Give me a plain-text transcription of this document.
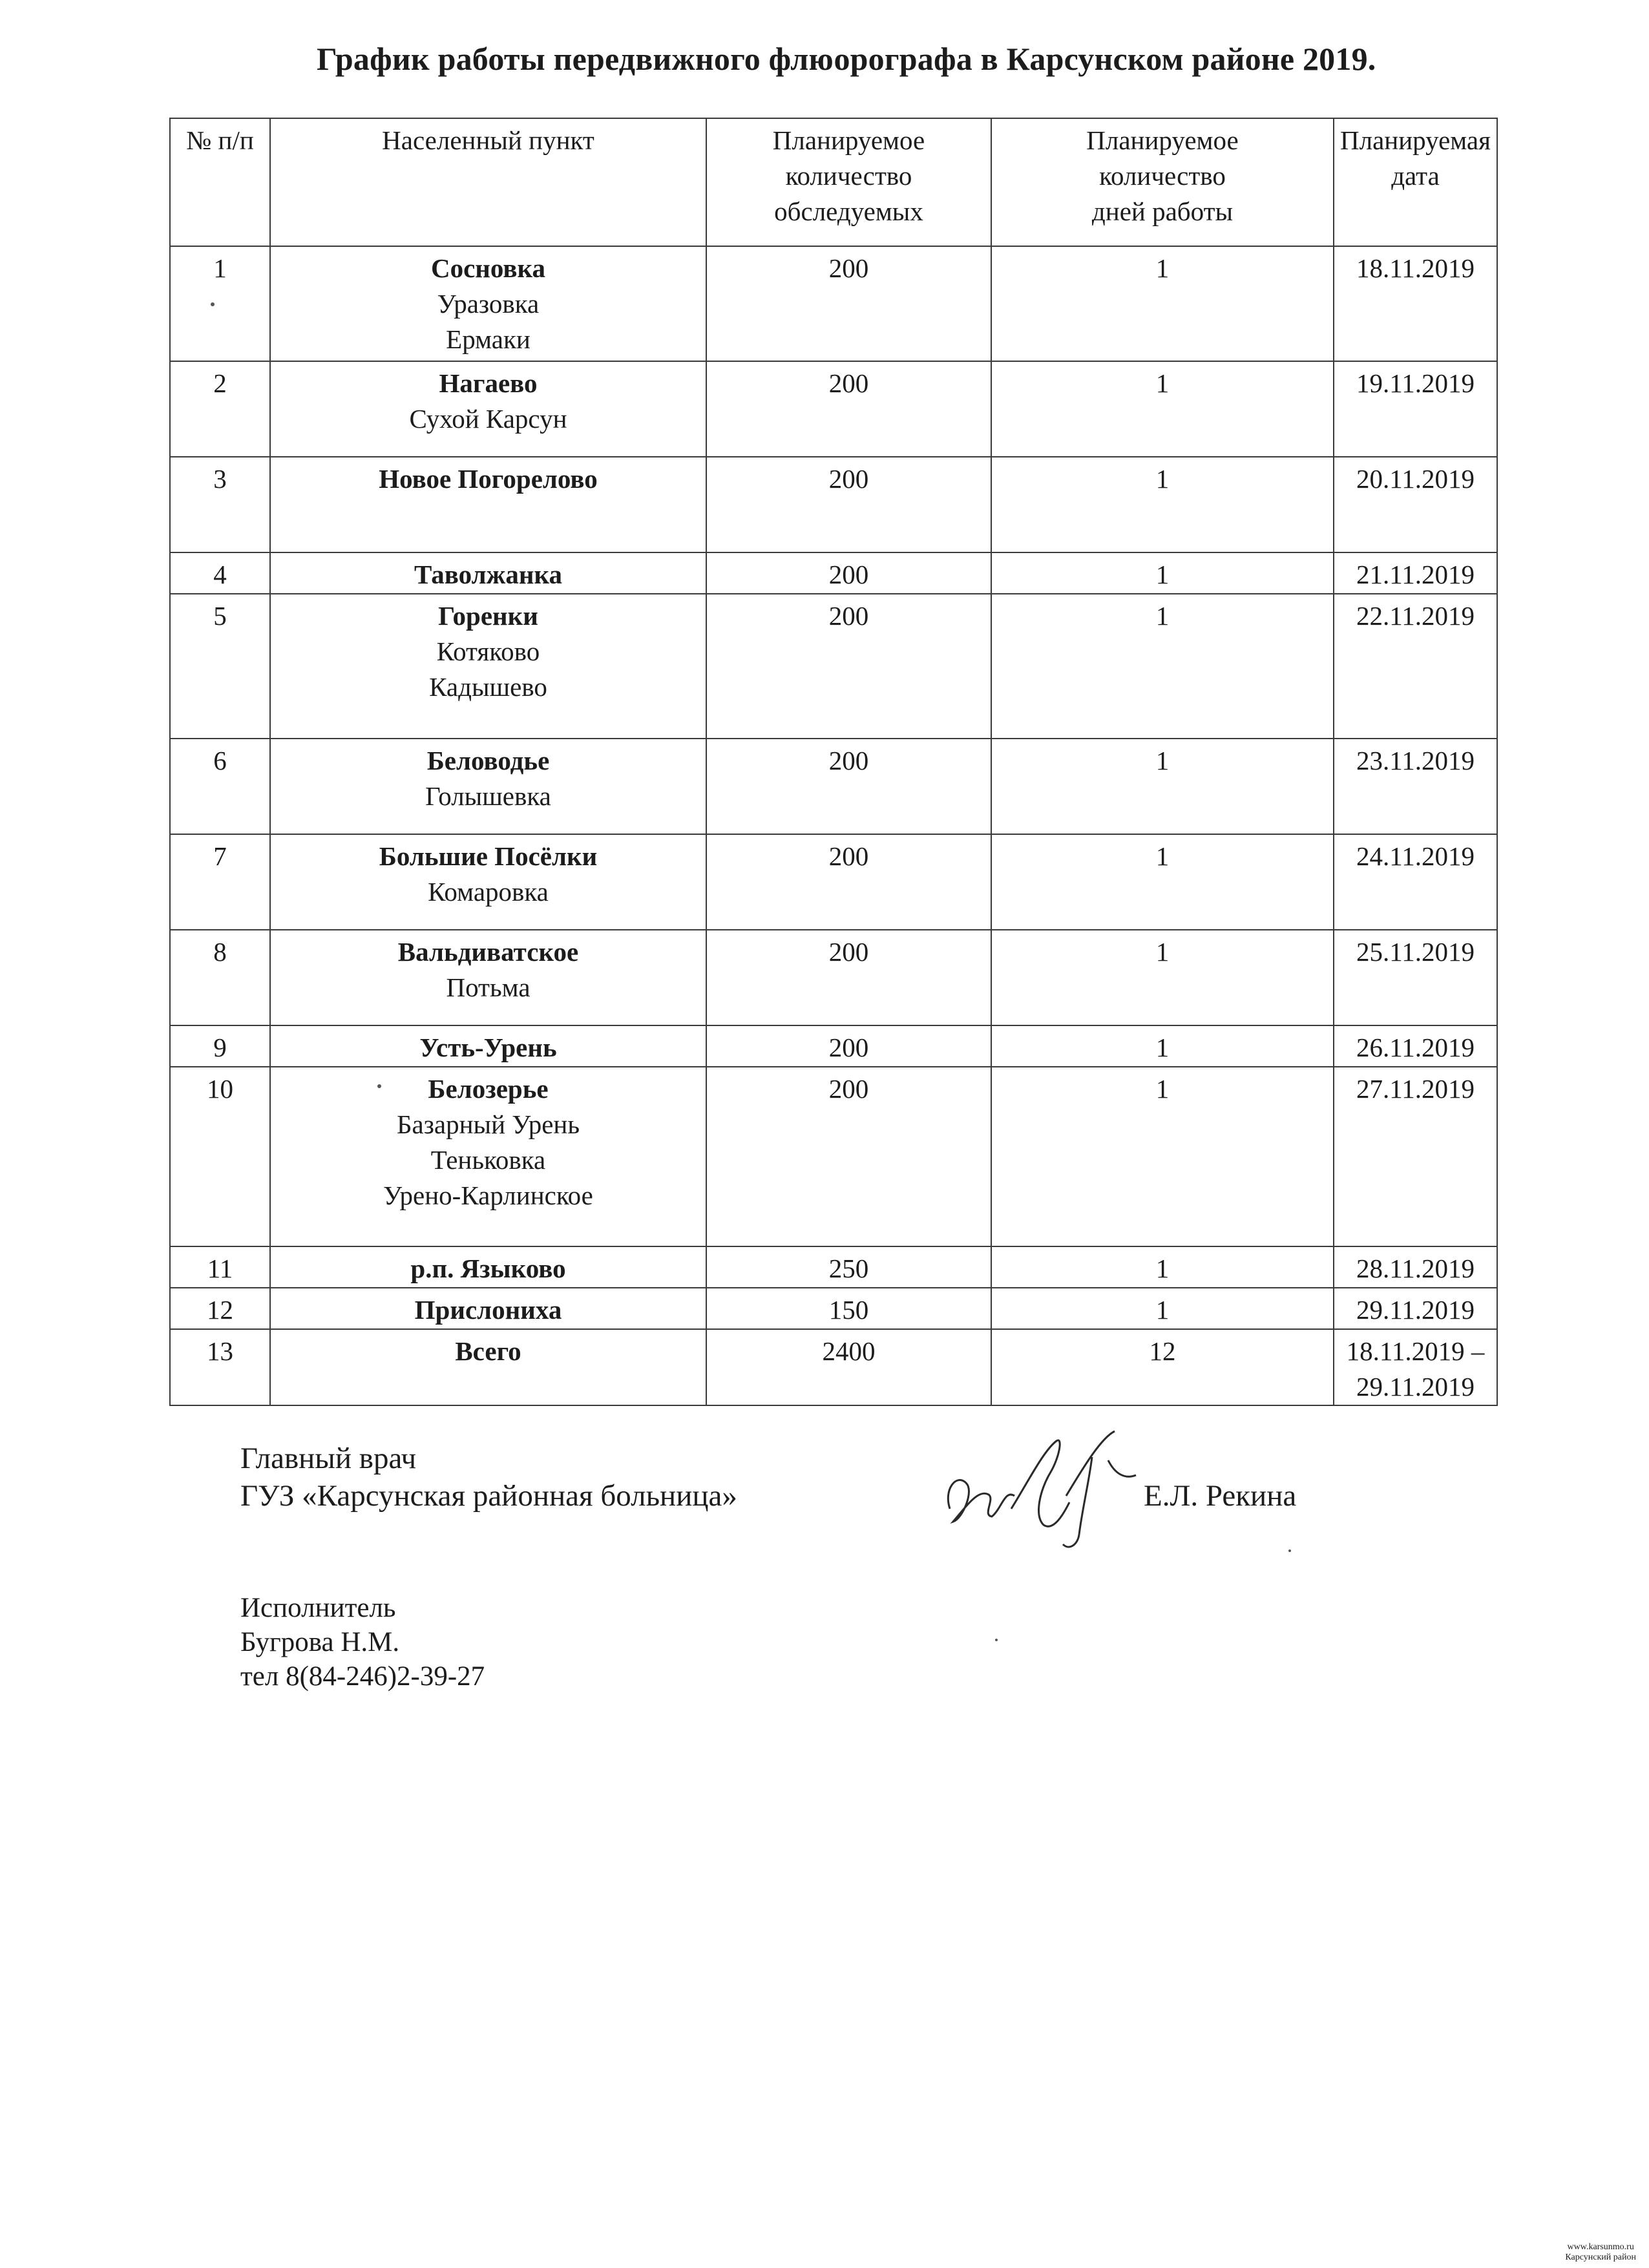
График работы передвижного флюорографа в Карсунском районе 2019.
№ п/п	Населенный пункт	Планируемое
количество
обследуемых	Планируемое
количество
дней работы	Планируемая
дата

1	Сосновка
Уразовка
Ермаки	200	1	18.11.2019

2	Нагаево
Сухой Карсун	200	1	19.11.2019

3	Новое Погорелово	200	1	20.11.2019

4	Таволжанка	200	1	21.11.2019

5	Горенки
Котяково
Кадышево	200	1	22.11.2019

6	Беловодье
Голышевка	200	1	23.11.2019

7	Большие Посёлки
Комаровка	200	1	24.11.2019

8	Вальдиватское
Потьма	200	1	25.11.2019

9	Усть-Урень	200	1	26.11.2019

10	Белозерье
Базарный Урень
Теньковка
Урено-Карлинское	200	1	27.11.2019

11	р.п. Языково	250	1	28.11.2019

12	Прислониха	150	1	29.11.2019

13	Всего	2400	12	18.11.2019 –
29.11.2019
Главный врач
ГУЗ «Карсунская районная больница»	Е.Л. Рекина
Исполнитель
Бугрова Н.М.
тел 8(84-246)2-39-27
www.karsunmo.ru
Карсунский район
